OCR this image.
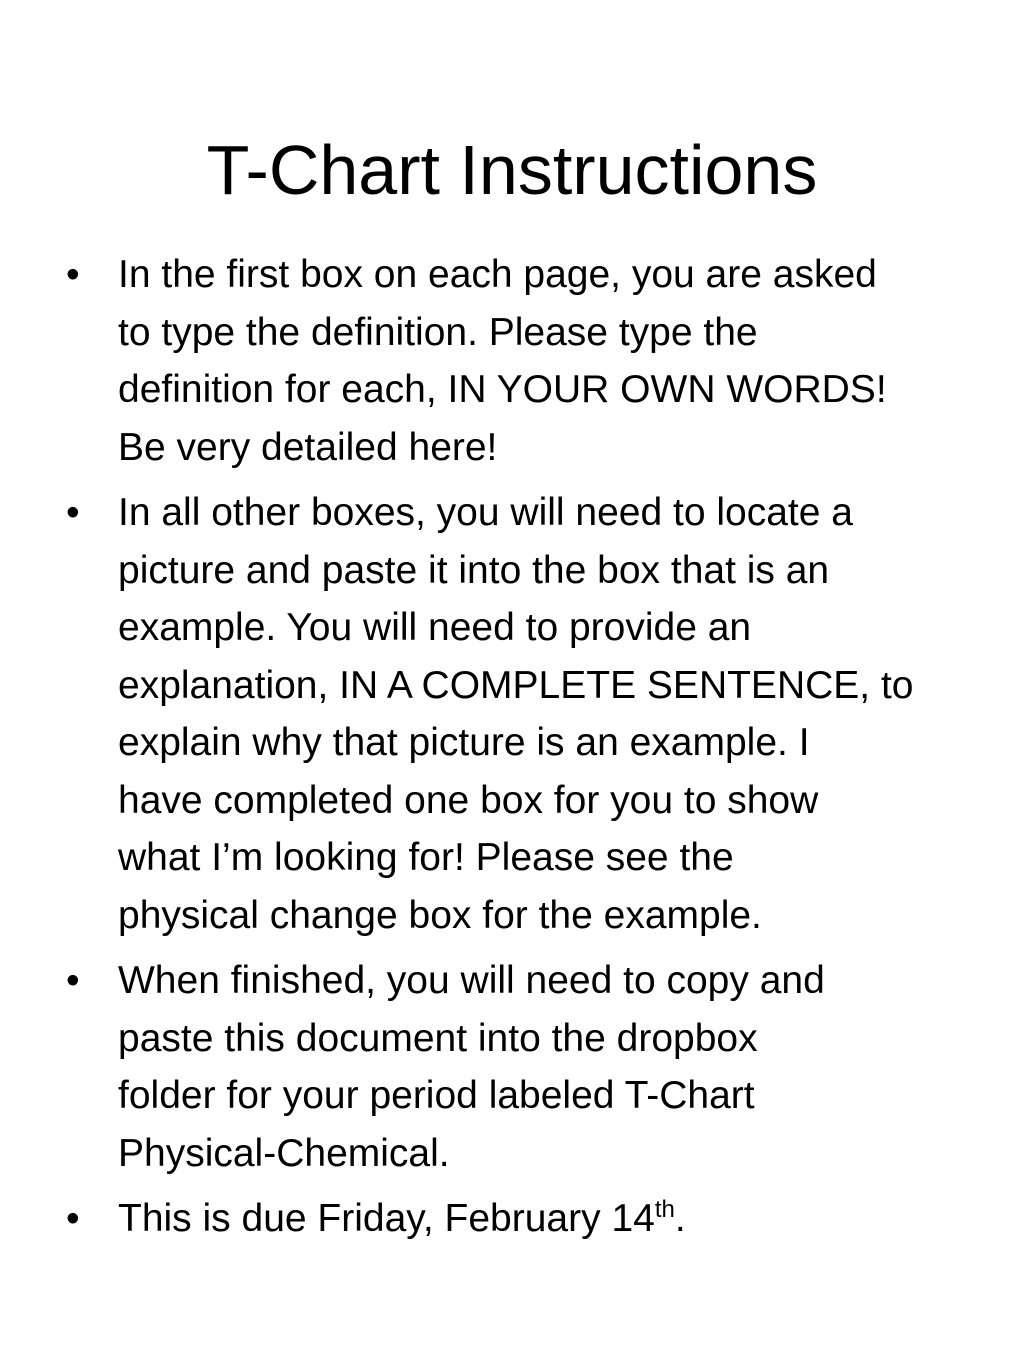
T-Chart Instructions
• In the first box on each page, you are asked
to type the definition. Please type the
definition for each, IN YOUR OWN WORDS!
Be very detailed here!
• In all other boxes, you will need to locate a
picture and paste it into the box that is an
example. You will need to provide an
explanation, IN A COMPLETE SENTENCE, to
explain why that picture is an example. I
have completed one box for you to show
what I’m looking for! Please see the
physical change box for the example.
• When finished, you will need to copy and
paste this document into the dropbox
folder for your period labeled T-Chart
Physical-Chemical.
• This is due Friday, February 14th.
